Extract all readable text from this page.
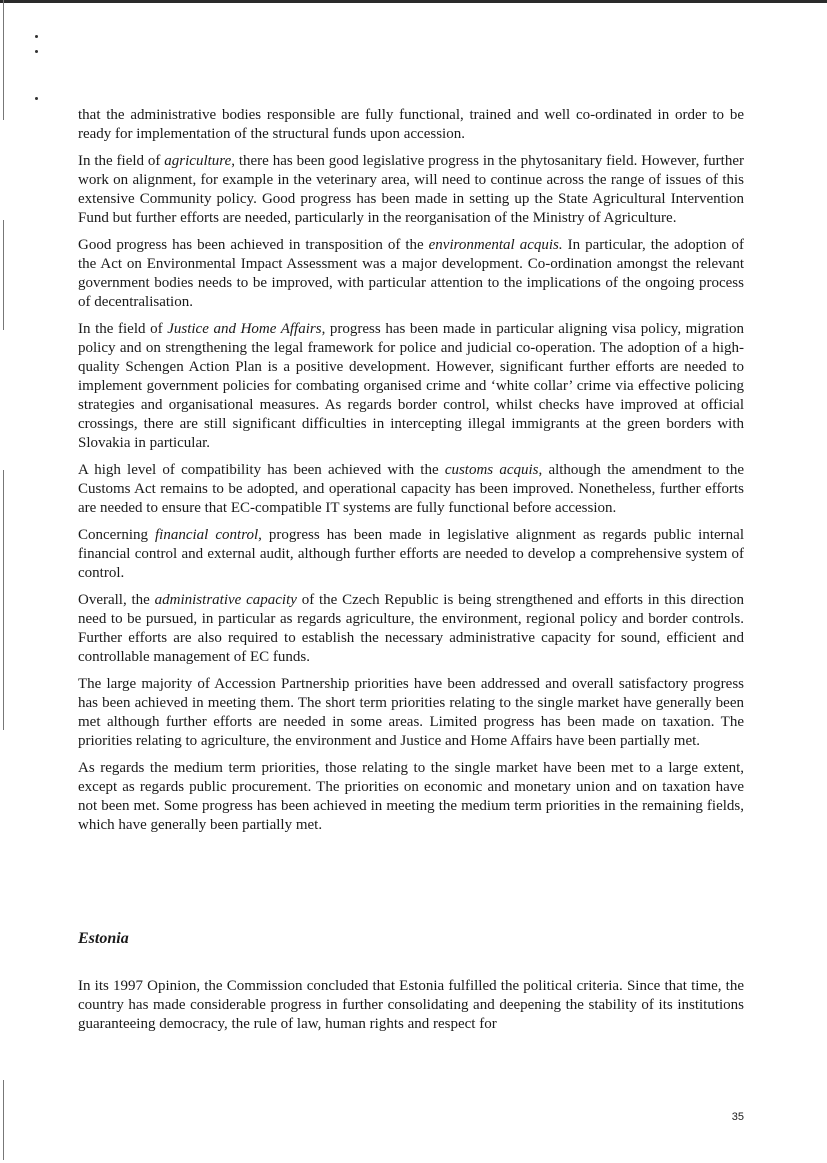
that the administrative bodies responsible are fully functional, trained and well co-ordinated in order to be ready for implementation of the structural funds upon accession.

In the field of agriculture, there has been good legislative progress in the phytosanitary field. However, further work on alignment, for example in the veterinary area, will need to continue across the range of issues of this extensive Community policy. Good progress has been made in setting up the State Agricultural Intervention Fund but further efforts are needed, particularly in the reorganisation of the Ministry of Agriculture.

Good progress has been achieved in transposition of the environmental acquis. In particular, the adoption of the Act on Environmental Impact Assessment was a major development. Co-ordination amongst the relevant government bodies needs to be improved, with particular attention to the implications of the ongoing process of decentralisation.

In the field of Justice and Home Affairs, progress has been made in particular aligning visa policy, migration policy and on strengthening the legal framework for police and judicial co-operation. The adoption of a high-quality Schengen Action Plan is a positive development. However, significant further efforts are needed to implement government policies for combating organised crime and ‘white collar’ crime via effective policing strategies and organisational measures. As regards border control, whilst checks have improved at official crossings, there are still significant difficulties in intercepting illegal immigrants at the green borders with Slovakia in particular.

A high level of compatibility has been achieved with the customs acquis, although the amendment to the Customs Act remains to be adopted, and operational capacity has been improved. Nonetheless, further efforts are needed to ensure that EC-compatible IT systems are fully functional before accession.

Concerning financial control, progress has been made in legislative alignment as regards public internal financial control and external audit, although further efforts are needed to develop a comprehensive system of control.

Overall, the administrative capacity of the Czech Republic is being strengthened and efforts in this direction need to be pursued, in particular as regards agriculture, the environment, regional policy and border controls. Further efforts are also required to establish the necessary administrative capacity for sound, efficient and controllable management of EC funds.

The large majority of Accession Partnership priorities have been addressed and overall satisfactory progress has been achieved in meeting them. The short term priorities relating to the single market have generally been met although further efforts are needed in some areas. Limited progress has been made on taxation. The priorities relating to agriculture, the environment and Justice and Home Affairs have been partially met.

As regards the medium term priorities, those relating to the single market have been met to a large extent, except as regards public procurement. The priorities on economic and monetary union and on taxation have not been met. Some progress has been achieved in meeting the medium term priorities in the remaining fields, which have generally been partially met.

Estonia

In its 1997 Opinion, the Commission concluded that Estonia fulfilled the political criteria. Since that time, the country has made considerable progress in further consolidating and deepening the stability of its institutions guaranteeing democracy, the rule of law, human rights and respect for

35
